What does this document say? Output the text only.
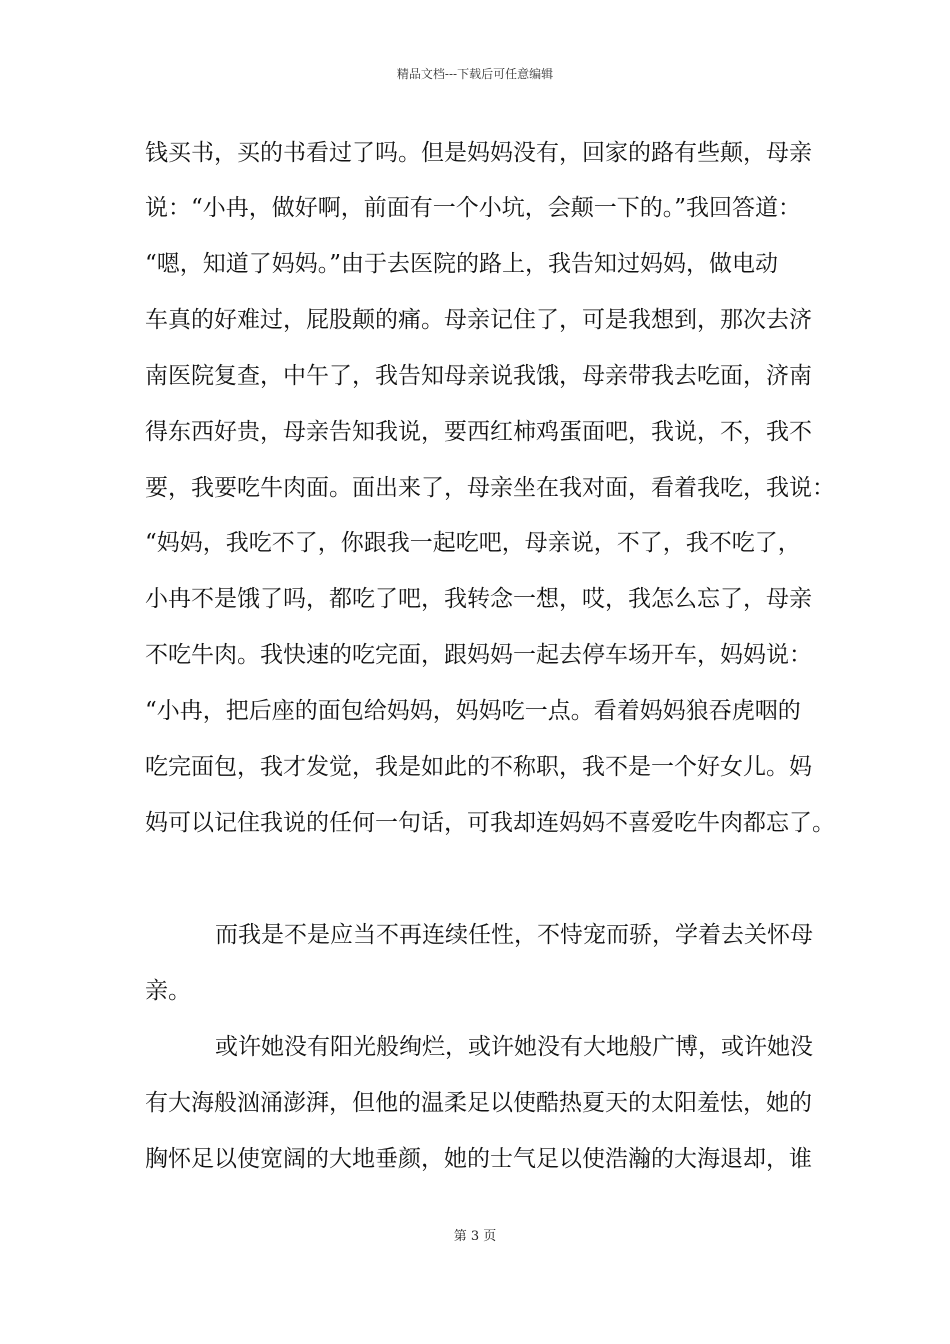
精品文档---下载后可任意编辑
钱买书，买的书看过了吗。但是妈妈没有，回家的路有些颠，母亲
说：“小冉，做好啊，前面有一个小坑，会颠一下的。”我回答道：
“嗯，知道了妈妈。”由于去医院的路上，我告知过妈妈，做电动
车真的好难过，屁股颠的痛。母亲记住了，可是我想到，那次去济
南医院复查，中午了，我告知母亲说我饿，母亲带我去吃面，济南
得东西好贵，母亲告知我说，要西红柿鸡蛋面吧，我说，不，我不
要，我要吃牛肉面。面出来了，母亲坐在我对面，看着我吃，我说：
“妈妈，我吃不了，你跟我一起吃吧，母亲说，不了，我不吃了，
小冉不是饿了吗，都吃了吧，我转念一想，哎，我怎么忘了，母亲
不吃牛肉。我快速的吃完面，跟妈妈一起去停车场开车，妈妈说：
“小冉，把后座的面包给妈妈，妈妈吃一点。看着妈妈狼吞虎咽的
吃完面包，我才发觉，我是如此的不称职，我不是一个好女儿。妈
妈可以记住我说的任何一句话，可我却连妈妈不喜爱吃牛肉都忘了。
而我是不是应当不再连续任性，不恃宠而骄，学着去关怀母
亲。
或许她没有阳光般绚烂，或许她没有大地般广博，或许她没
有大海般汹涌澎湃，但他的温柔足以使酷热夏天的太阳羞怯，她的
胸怀足以使宽阔的大地垂颜，她的士气足以使浩瀚的大海退却，谁
第 3 页
